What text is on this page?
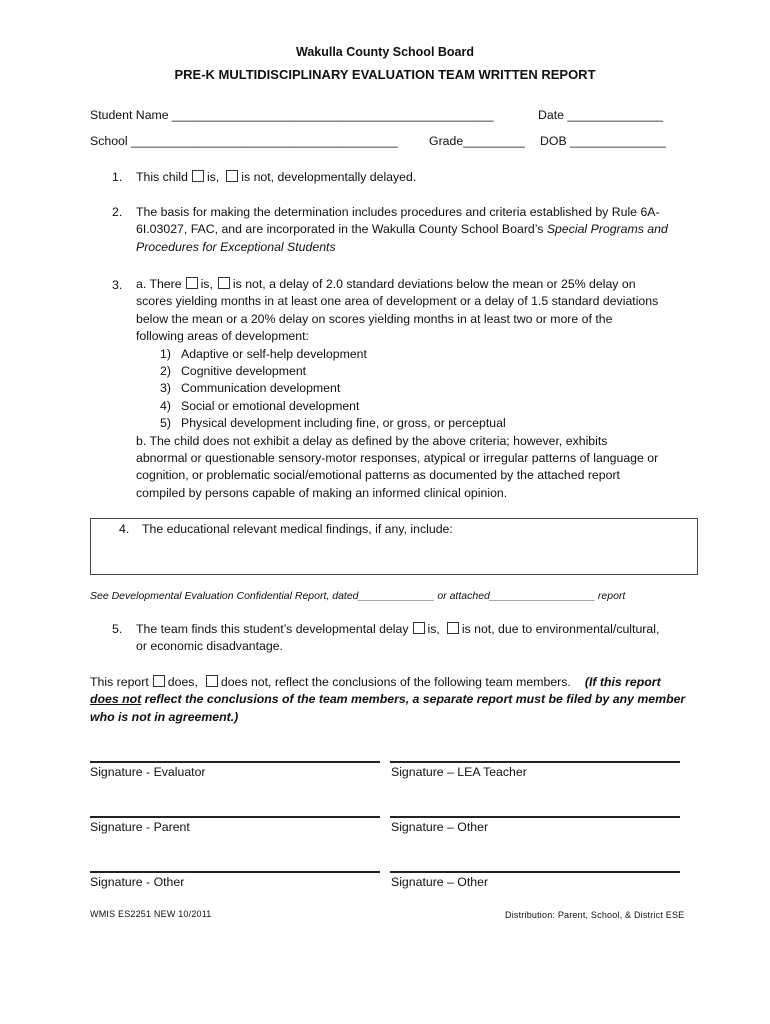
Wakulla County School Board
PRE-K MULTIDISCIPLINARY EVALUATION TEAM WRITTEN REPORT
Student Name _______________________________________________	Date ______________
School _______________________________________	Grade_________ DOB ______________
1. This child is, is not, developmentally delayed.
2. The basis for making the determination includes procedures and criteria established by Rule 6A-
6I.03027, FAC, and are incorporated in the Wakulla County School Board’s Special Programs and
Procedures for Exceptional Students
3. a. There is, is not, a delay of 2.0 standard deviations below the mean or 25% delay on
scores yielding months in at least one area of development or a delay of 1.5 standard deviations
below the mean or a 20% delay on scores yielding months in at least two or more of the
following areas of development:
1) Adaptive or self-help development
2) Cognitive development
3) Communication development
4) Social or emotional development
5) Physical development including fine, or gross, or perceptual
b. The child does not exhibit a delay as defined by the above criteria; however, exhibits
abnormal or questionable sensory-motor responses, atypical or irregular patterns of language or
cognition, or problematic social/emotional patterns as documented by the attached report
compiled by persons capable of making an informed clinical opinion.
4. The educational relevant medical findings, if any, include:
See Developmental Evaluation Confidential Report, dated_____________ or attached__________________ report
5. The team finds this student’s developmental delay is, is not, due to environmental/cultural,
or economic disadvantage.
This report does, does not, reflect the conclusions of the following team members. (If this report
does not reflect the conclusions of the team members, a separate report must be filed by any member
who is not in agreement.)
Signature - Evaluator	Signature – LEA Teacher
Signature - Parent	Signature – Other
Signature - Other	Signature – Other
WMIS ES2251 NEW 10/2011	Distribution: Parent, School, & District ESE
